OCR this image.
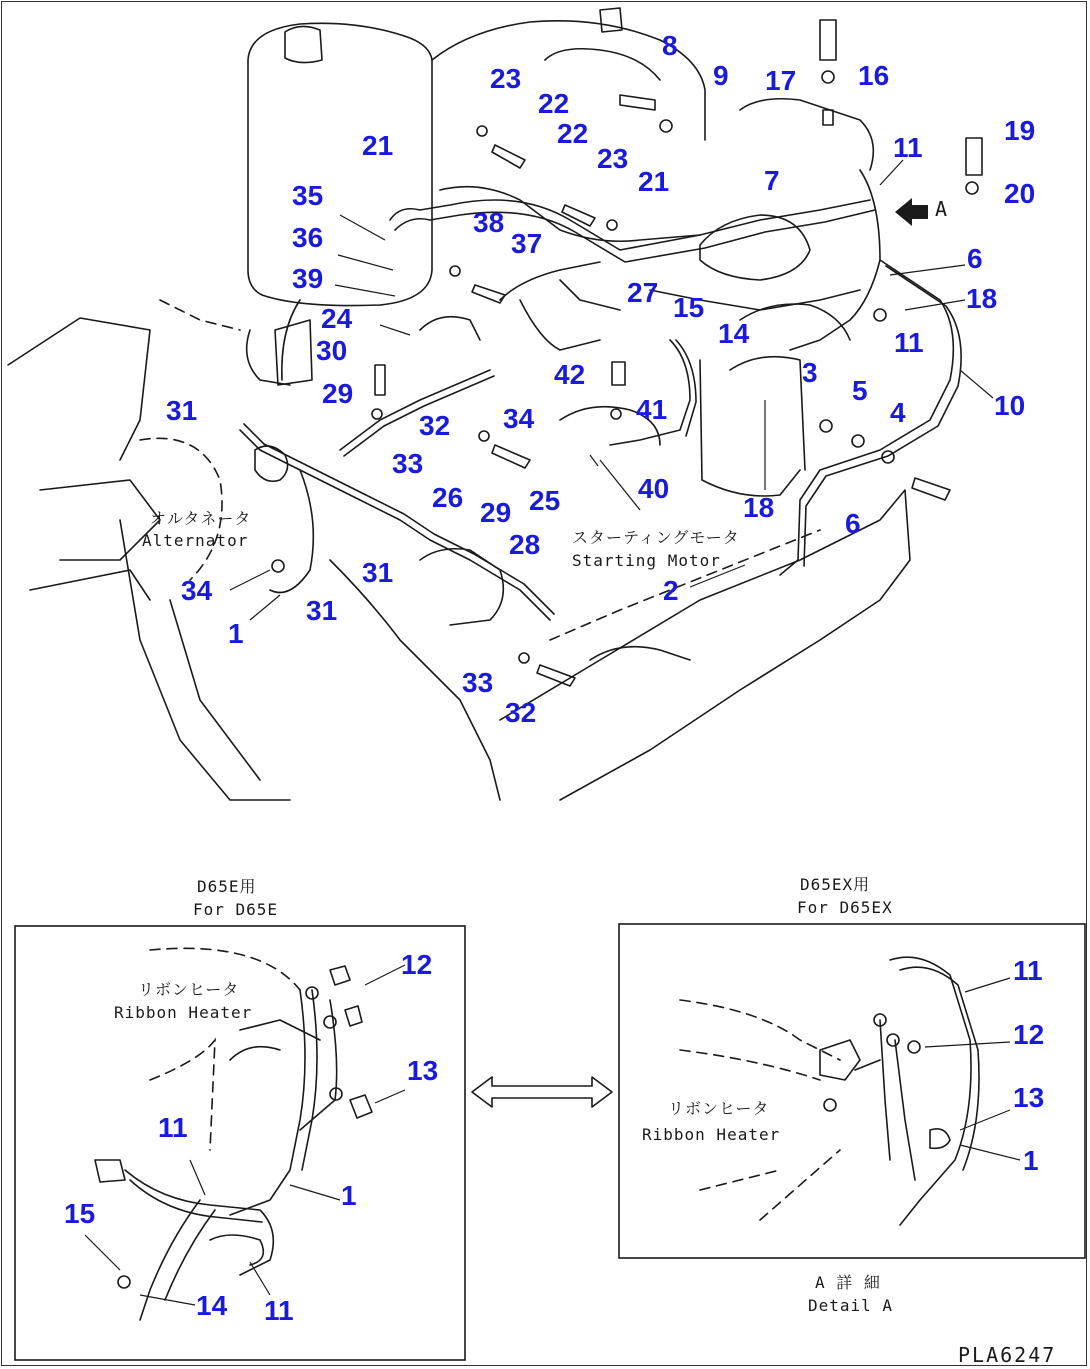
8
9
23
22
22
23
21
17 16
11
19
20
7
21
35
36	38
37	6
39	27 15	18
24	14	11
30
3
29
42
5
4	10
31	32
41
34
33
26 25	40
18
6
29
28
31
34	2
31
1
33
32
A
オルタネータ
Alternator	スターティングモータ
Starting Motor
D65E用
For D65E
リボンヒータ
Ribbon Heater
12
13
11
1
15
14 11
D65EX用
For D65EX
リボンヒータ
Ribbon Heater
11
12
13
1
A 詳 細
Detail A
PLA6247
